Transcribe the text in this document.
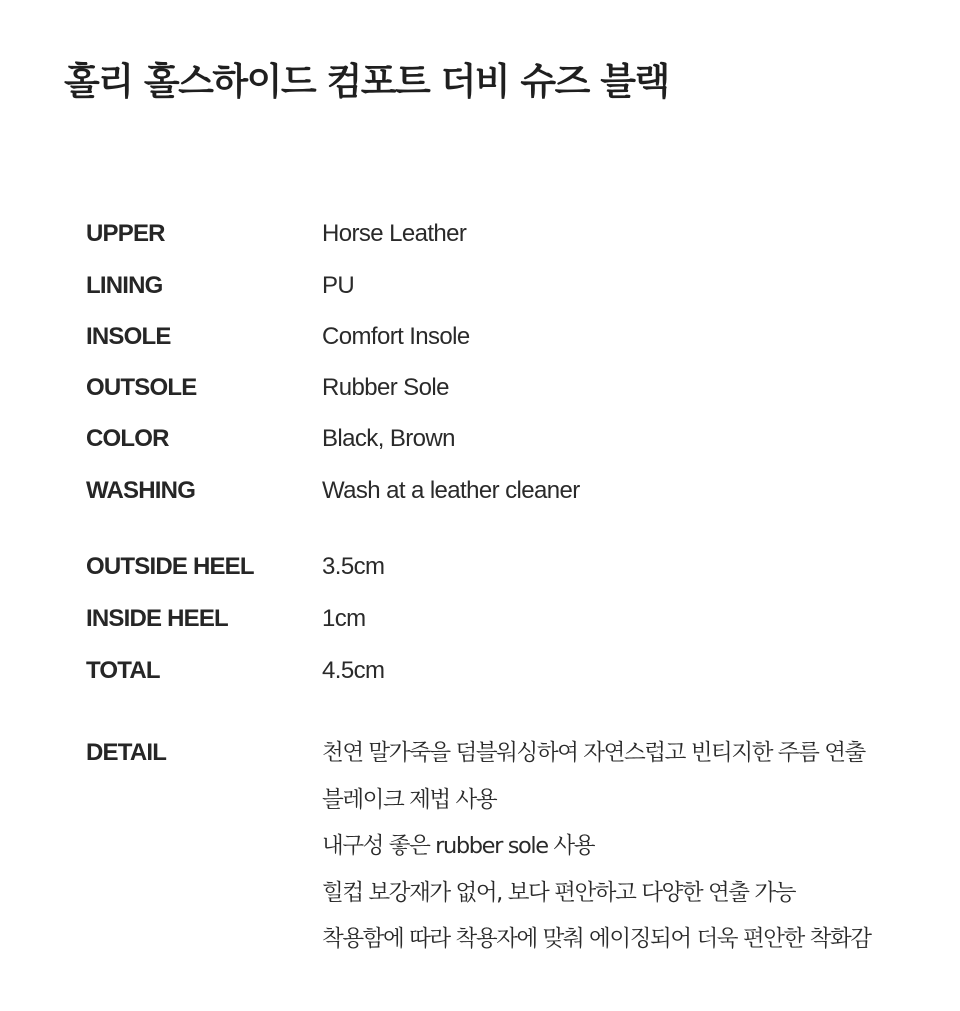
홀리 홀스하이드 컴포트 더비 슈즈 블랙
UPPER	Horse Leather
LINING	PU
INSOLE	Comfort Insole
OUTSOLE	Rubber Sole
COLOR	Black, Brown
WASHING	Wash at a leather cleaner
OUTSIDE HEEL	3.5cm
INSIDE HEEL	1cm
TOTAL	4.5cm
DETAIL	천연 말가죽을 덤블워싱하여 자연스럽고 빈티지한 주름 연출
블레이크 제법 사용
내구성 좋은 rubber sole 사용
힐컵 보강재가 없어, 보다 편안하고 다양한 연출 가능
착용함에 따라 착용자에 맞춰 에이징되어 더욱 편안한 착화감
